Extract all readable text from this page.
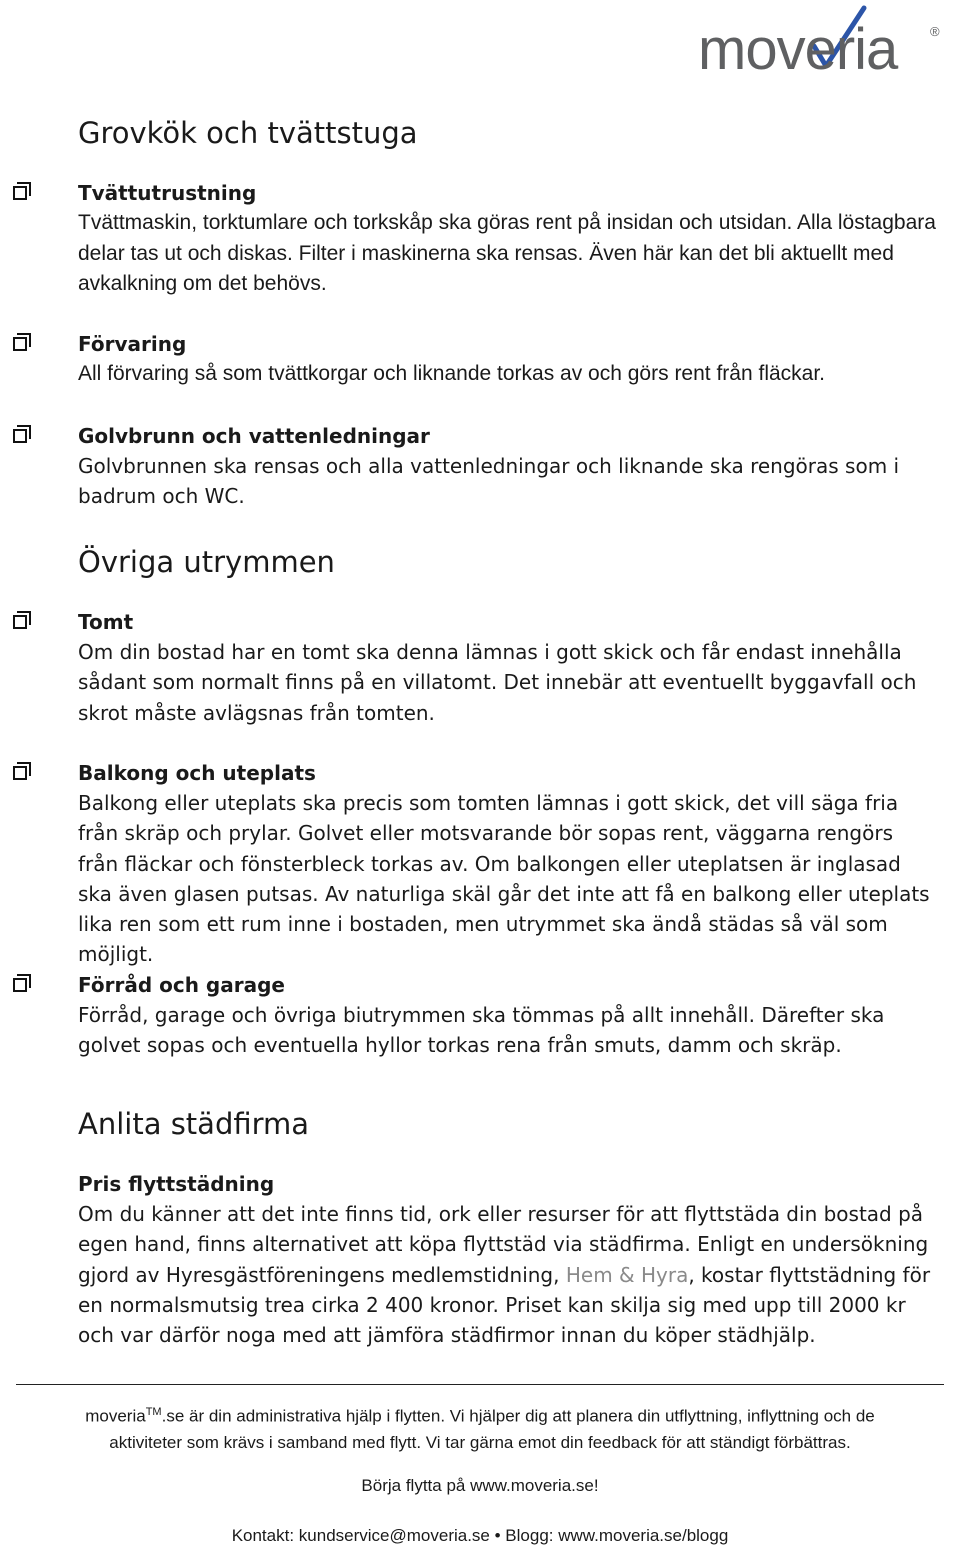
moveria	®
Grovkök och tvättstuga
Tvättutrustning
Tvättmaskin, torktumlare och torkskåp ska göras rent på insidan och utsidan. Alla löstagbara delar tas ut och diskas. Filter i maskinerna ska rensas. Även här kan det bli aktuellt med avkalkning om det behövs.
Förvaring
All förvaring så som tvättkorgar och liknande torkas av och görs rent från fläckar.
Golvbrunn och vattenledningar
Golvbrunnen ska rensas och alla vattenledningar och liknande ska rengöras som i badrum och WC.
Övriga utrymmen
Tomt
Om din bostad har en tomt ska denna lämnas i gott skick och får endast innehålla sådant som normalt finns på en villatomt. Det innebär att eventuellt byggavfall och skrot måste avlägsnas från tomten.
Balkong och uteplats
Balkong eller uteplats ska precis som tomten lämnas i gott skick, det vill säga fria från skräp och prylar. Golvet eller motsvarande bör sopas rent, väggarna rengörs från fläckar och fönsterbleck torkas av. Om balkongen eller uteplatsen är inglasad ska även glasen putsas. Av naturliga skäl går det inte att få en balkong eller uteplats lika ren som ett rum inne i bostaden, men utrymmet ska ändå städas så väl som möjligt.
Förråd och garage
Förråd, garage och övriga biutrymmen ska tömmas på allt innehåll. Därefter ska golvet sopas och eventuella hyllor torkas rena från smuts, damm och skräp.
Anlita städfirma
Pris flyttstädning
Om du känner att det inte finns tid, ork eller resurser för att flyttstäda din bostad på egen hand, finns alternativet att köpa flyttstäd via städfirma. Enligt en undersökning gjord av Hyresgästföreningens medlemstidning, Hem & Hyra, kostar flyttstädning för en normalsmutsig trea cirka 2 400 kronor. Priset kan skilja sig med upp till 2000 kr och var därför noga med att jämföra städfirmor innan du köper städhjälp.
moveria™.se är din administrativa hjälp i flytten. Vi hjälper dig att planera din utflyttning, inflyttning och de
aktiviteter som krävs i samband med flytt. Vi tar gärna emot din feedback för att ständigt förbättras.
Börja flytta på www.moveria.se!
Kontakt: kundservice@moveria.se • Blogg: www.moveria.se/blogg
